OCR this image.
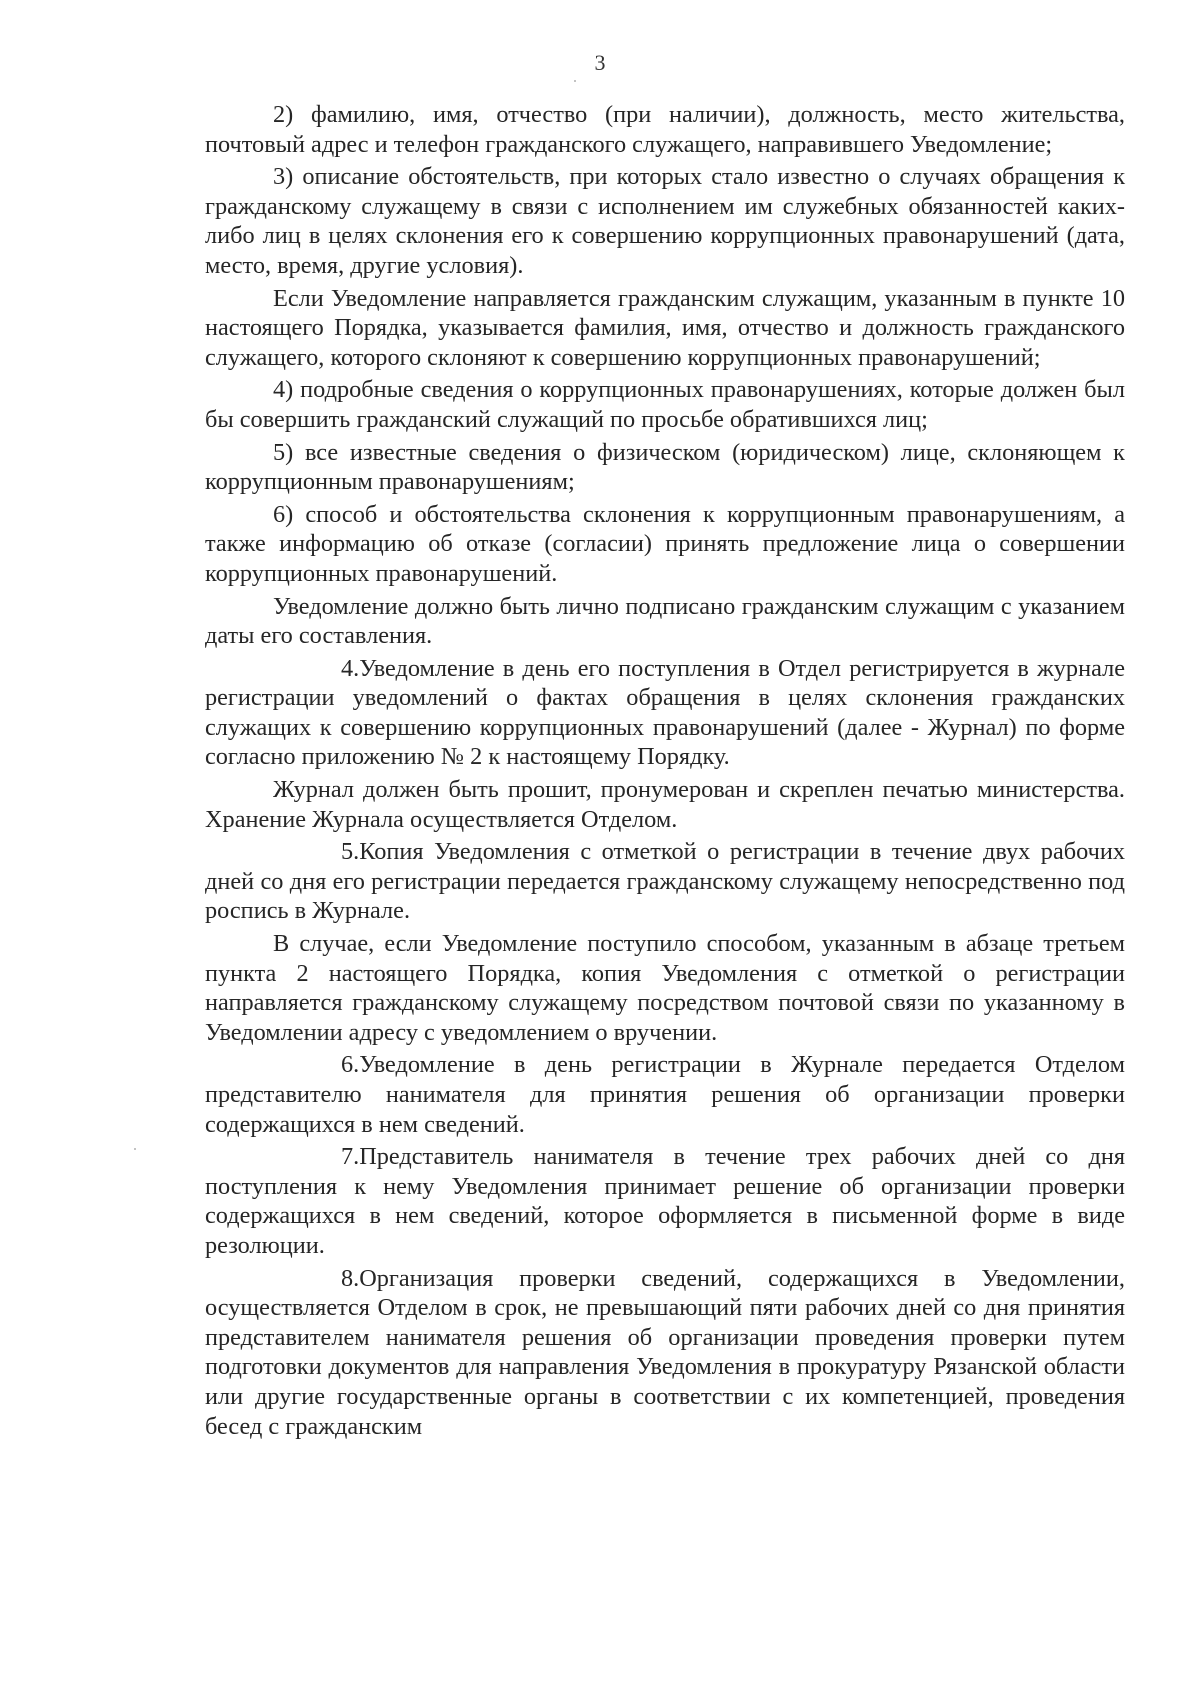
3

2) фамилию, имя, отчество (при наличии), должность, место жительства, почтовый адрес и телефон гражданского служащего, направившего Уведомление;

3) описание обстоятельств, при которых стало известно о случаях обращения к гражданскому служащему в связи с исполнением им служебных обязанностей каких-либо лиц в целях склонения его к совершению коррупционных правонарушений (дата, место, время, другие условия).

Если Уведомление направляется гражданским служащим, указанным в пункте 10 настоящего Порядка, указывается фамилия, имя, отчество и должность гражданского служащего, которого склоняют к совершению коррупционных правонарушений;

4) подробные сведения о коррупционных правонарушениях, которые должен был бы совершить гражданский служащий по просьбе обратившихся лиц;

5) все известные сведения о физическом (юридическом) лице, склоняющем к коррупционным правонарушениям;

6) способ и обстоятельства склонения к коррупционным правонарушениям, а также информацию об отказе (согласии) принять предложение лица о совершении коррупционных правонарушений.

Уведомление должно быть лично подписано гражданским служащим с указанием даты его составления.

4.Уведомление в день его поступления в Отдел регистрируется в журнале регистрации уведомлений о фактах обращения в целях склонения гражданских служащих к совершению коррупционных правонарушений (далее - Журнал) по форме согласно приложению № 2 к настоящему Порядку.

Журнал должен быть прошит, пронумерован и скреплен печатью министерства. Хранение Журнала осуществляется Отделом.

5.Копия Уведомления с отметкой о регистрации в течение двух рабочих дней со дня его регистрации передается гражданскому служащему непосредственно под роспись в Журнале.

В случае, если Уведомление поступило способом, указанным в абзаце третьем пункта 2 настоящего Порядка, копия Уведомления с отметкой о регистрации направляется гражданскому служащему посредством почтовой связи по указанному в Уведомлении адресу с уведомлением о вручении.

6.Уведомление в день регистрации в Журнале передается Отделом представителю нанимателя для принятия решения об организации проверки содержащихся в нем сведений.

7.Представитель нанимателя в течение трех рабочих дней со дня поступления к нему Уведомления принимает решение об организации проверки содержащихся в нем сведений, которое оформляется в письменной форме в виде резолюции.

8.Организация проверки сведений, содержащихся в Уведомлении, осуществляется Отделом в срок, не превышающий пяти рабочих дней со дня принятия представителем нанимателя решения об организации проведения проверки путем подготовки документов для направления Уведомления в прокуратуру Рязанской области или другие государственные органы в соответствии с их компетенцией, проведения бесед с гражданским
